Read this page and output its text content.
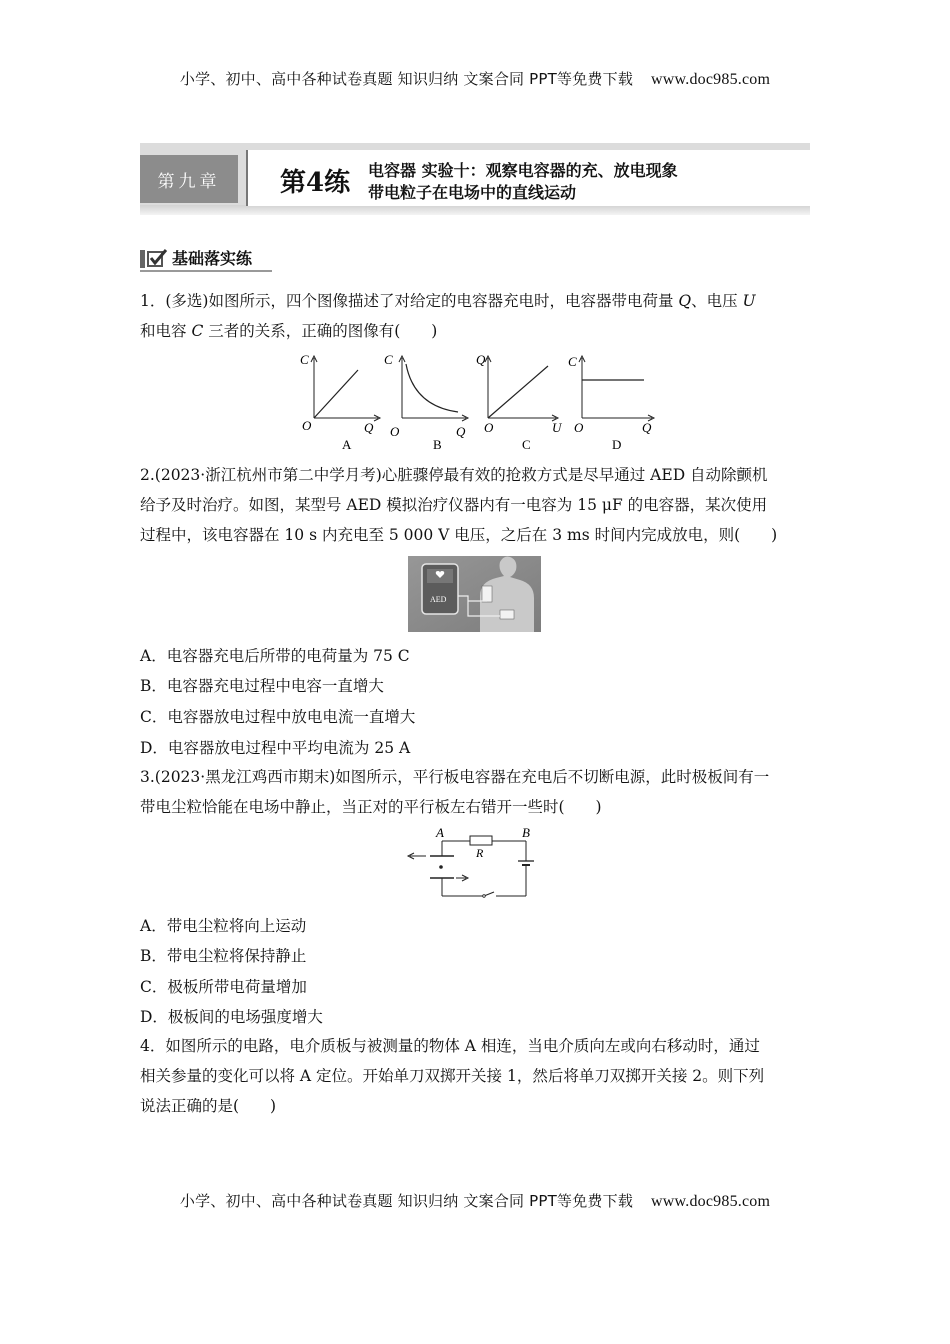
小学、初中、高中各种试卷真题 知识归纳 文案合同 PPT等免费下载 www.doc985.com
第九章	第4练 电容器 实验十：观察电容器的充、放电现象
带电粒子在电场中的直线运动
基础落实练

1．(多选)如图所示，四个图像描述了对给定的电容器充电时，电容器带电荷量 Q、电压 U
和电容 C 三者的关系，正确的图像有(　　)

C
Q
O
A
C
Q
O
B
Q
U
O
C
C
Q
O
D

2.(2023·浙江杭州市第二中学月考)心脏骤停最有效的抢救方式是尽早通过 AED 自动除颤机
给予及时治疗。如图，某型号 AED 模拟治疗仪器内有一电容为 15 μF 的电容器，某次使用
过程中，该电容器在 10 s 内充电至 5 000 V 电压，之后在 3 ms 时间内完成放电，则(　　)

AED
A．电容器充电后所带的电荷量为 75 C
B．电容器充电过程中电容一直增大
C．电容器放电过程中放电电流一直增大
D．电容器放电过程中平均电流为 25 A

3.(2023·黑龙江鸡西市期末)如图所示，平行板电容器在充电后不切断电源，此时极板间有一
带电尘粒恰能在电场中静止，当正对的平行板左右错开一些时(　　)

A	B
R
A．带电尘粒将向上运动
B．带电尘粒将保持静止
C．极板所带电荷量增加
D．极板间的电场强度增大

4．如图所示的电路，电介质板与被测量的物体 A 相连，当电介质向左或向右移动时，通过
相关参量的变化可以将 A 定位。开始单刀双掷开关接 1，然后将单刀双掷开关接 2。则下列
说法正确的是(　　)

小学、初中、高中各种试卷真题 知识归纳 文案合同 PPT等免费下载 www.doc985.com
